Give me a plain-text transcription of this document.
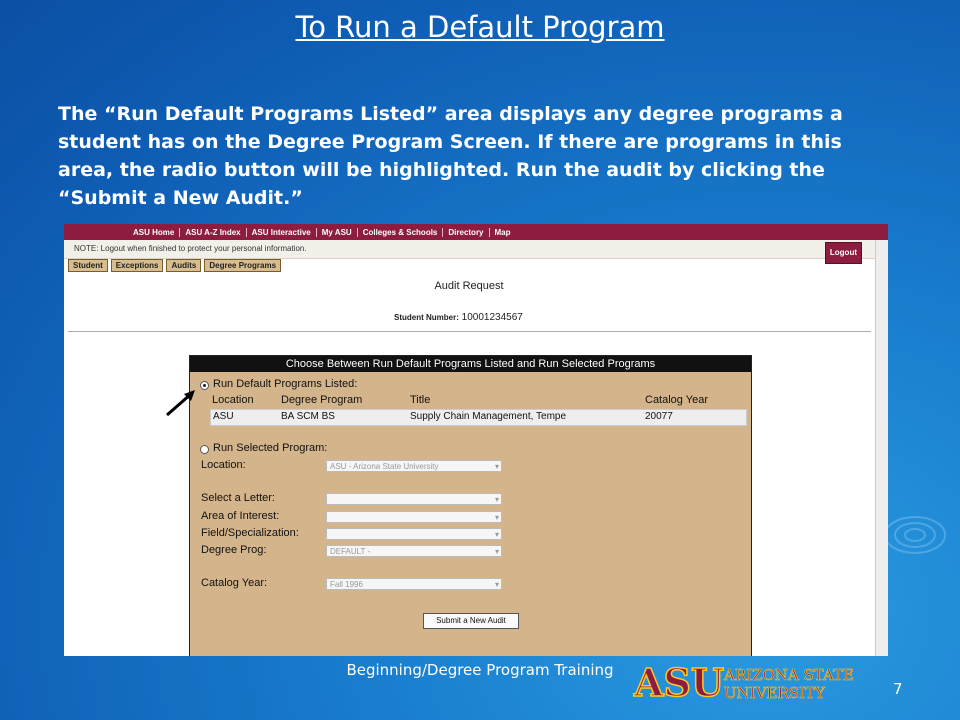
To Run a Default Program
The “Run Default Programs Listed” area displays any degree programs a student has on the Degree Program Screen. If there are programs in this area, the radio button will be highlighted. Run the audit by clicking the “Submit a New Audit.”
ASU Home	ASU A-Z Index	ASU Interactive	My ASU	Colleges & Schools	Directory	Map
NOTE: Logout when finished to protect your personal information.	Logout
Student	Exceptions	Audits	Degree Programs
Audit Request
Student Number: 10001234567
Choose Between Run Default Programs Listed and Run Selected Programs
Run Default Programs Listed:
Location Degree Program	Title	Catalog Year
ASU	BA SCM BS	Supply Chain Management, Tempe	20077
Run Selected Program:
Location:	ASU - Arizona State University ▾
Select a Letter:
▾
Area of Interest:
▾
Field/Specialization:
▾
Degree Prog:	DEFAULT - ▾
Catalog Year:	Fall 1996 ▾
Submit a New Audit
Beginning/Degree Program Training ASU ARIZONA STATE
UNIVERSITY	7
